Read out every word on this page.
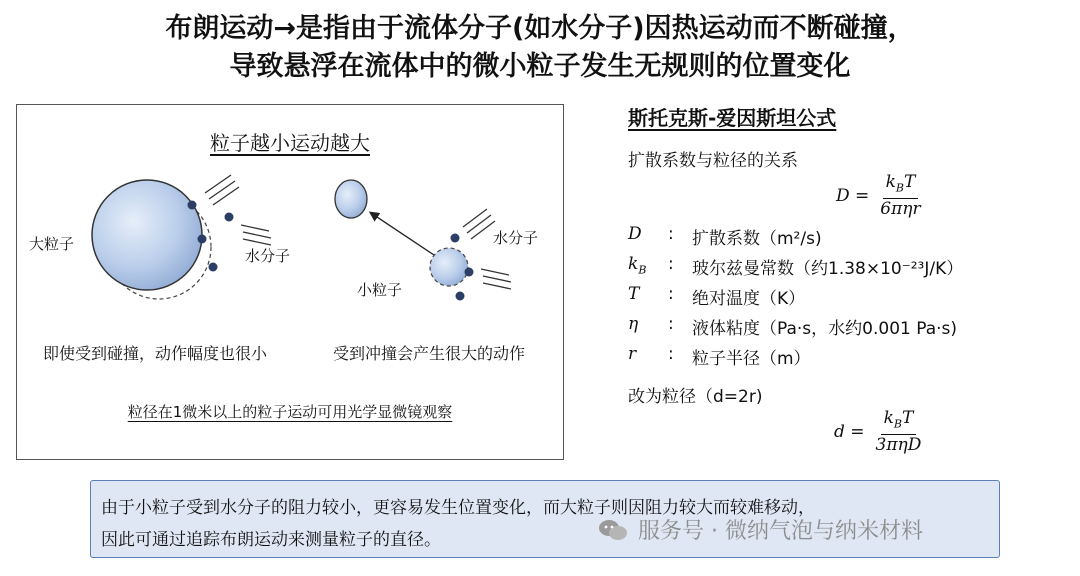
布朗运动→是指由于流体分子(如水分子)因热运动而不断碰撞，
导致悬浮在流体中的微小粒子发生无规则的位置变化
粒子越小运动越大
大粒子
水分子
水分子
小粒子
即使受到碰撞，动作幅度也很小	受到冲撞会产生很大的动作
粒径在1微米以上的粒子运动可用光学显微镜观察
斯托克斯-爱因斯坦公式
扩散系数与粒径的关系
$D = \frac{k_BT}{\text{6πηr}}$
D	:	扩散系数（m²/s)
$k_B$	:	玻尔兹曼常数（约1.38×10⁻²³J/K）
T	:	绝对温度（K）
η	:	液体粘度（Pa·s，水约0.001 Pa·s)
r	:	粒子半径（m）
改为粒径（d=2r)
$d = \frac{k_BT}{\text{3πηD}}$
由于小粒子受到水分子的阻力较小，更容易发生位置变化，而大粒子则因阻力较大而较难移动，
因此可通过追踪布朗运动来测量粒子的直径。	服务号 · 微纳气泡与纳米材料
